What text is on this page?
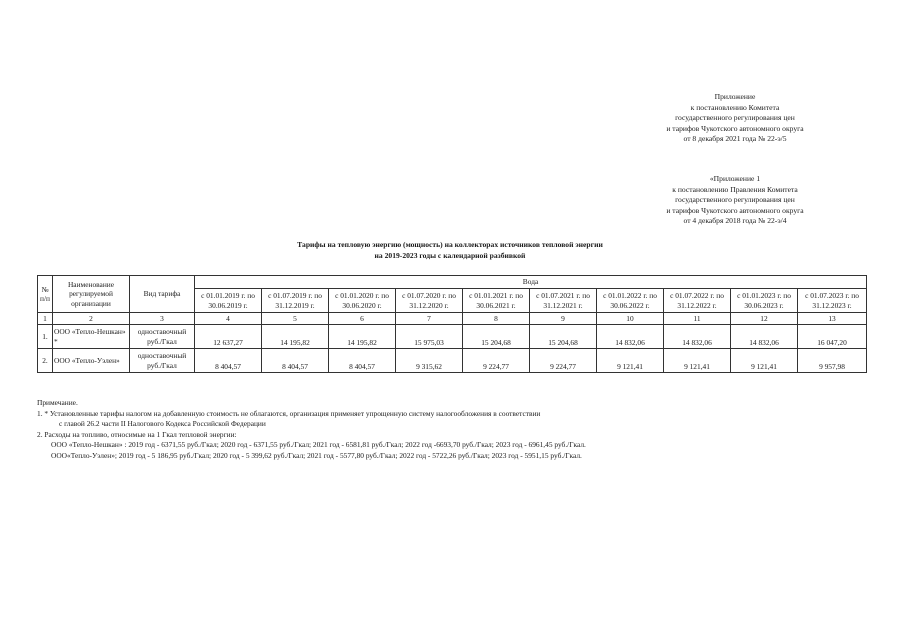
Приложение
к постановлению Комитета
государственного регулирования цен
и тарифов Чукотского автономного округа
от 8 декабря 2021 года № 22-э/5
«Приложение 1
к постановлению Правления Комитета
государственного регулирования цен
и тарифов Чукотского автономного округа
от 4 декабря 2018 года № 22-э/4
Тарифы на тепловую энергию (мощность) на коллекторах источников тепловой энергии
на 2019-2023 годы с календарной разбивкой
№ п/п	Наименование регулируемой организации	Вид тарифа	Вода									
			с 01.01.2019 г. по 30.06.2019 г.	с 01.07.2019 г. по 31.12.2019 г.	с 01.01.2020 г. по 30.06.2020 г.	с 01.07.2020 г. по 31.12.2020 г.	с 01.01.2021 г. по 30.06.2021 г.	с 01.07.2021 г. по 31.12.2021 г.	с 01.01.2022 г. по 30.06.2022 г.	с 01.07.2022 г. по 31.12.2022 г.	с 01.01.2023 г. по 30.06.2023 г.	с 01.07.2023 г. по 31.12.2023 г.
1	2	3	4	5	6	7	8	9	10	11	12	13
1.	ООО «Тепло-Нешкан» *	одноставочный руб./Гкал	12 637,27	14 195,82	14 195,82	15 975,03	15 204,68	15 204,68	14 832,06	14 832,06	14 832,06	16 047,20
2.	ООО «Тепло-Уэлен»	одноставочный руб./Гкал	8 404,57	8 404,57	8 404,57	9 315,62	9 224,77	9 224,77	9 121,41	9 121,41	9 121,41	9 957,98
Примечание.
1. * Установленные тарифы налогом на добавленную стоимость не облагаются, организация применяет упрощенную систему налогообложения в соответствии
с главой 26.2 части II Налогового Кодекса Российской Федерации
2. Расходы на топливо, относимые на 1 Гкал тепловой энергии:
ООО «Тепло-Нешкан» : 2019 год - 6371,55 руб./Гкал; 2020 год - 6371,55 руб./Гкал; 2021 год - 6581,81 руб./Гкал; 2022 год -6693,70 руб./Гкал; 2023 год - 6961,45 руб./Гкал.
ООО«Тепло-Уэлен»; 2019 год - 5 186,95 руб./Гкал; 2020 год - 5 399,62 руб./Гкал; 2021 год - 5577,80 руб./Гкал; 2022 год - 5722,26 руб./Гкал; 2023 год - 5951,15 руб./Гкал.
